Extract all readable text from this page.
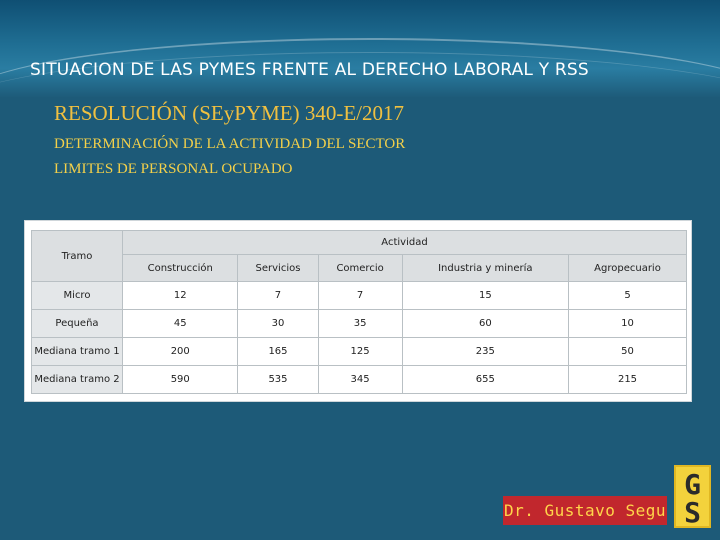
SITUACION DE LAS PYMES FRENTE AL DERECHO LABORAL Y RSS
RESOLUCIÓN (SEyPYME) 340-E/2017
DETERMINACIÓN DE LA ACTIVIDAD DEL SECTOR
LIMITES DE PERSONAL OCUPADO
Tramo	Actividad				
	Construcción	Servicios	Comercio	Industria y minería	Agropecuario
Micro	12	7	7	15	5
Pequeña	45	30	35	60	10
Mediana tramo 1	200	165	125	235	50
Mediana tramo 2	590	535	345	655	215
Dr. Gustavo Segu
G
S
